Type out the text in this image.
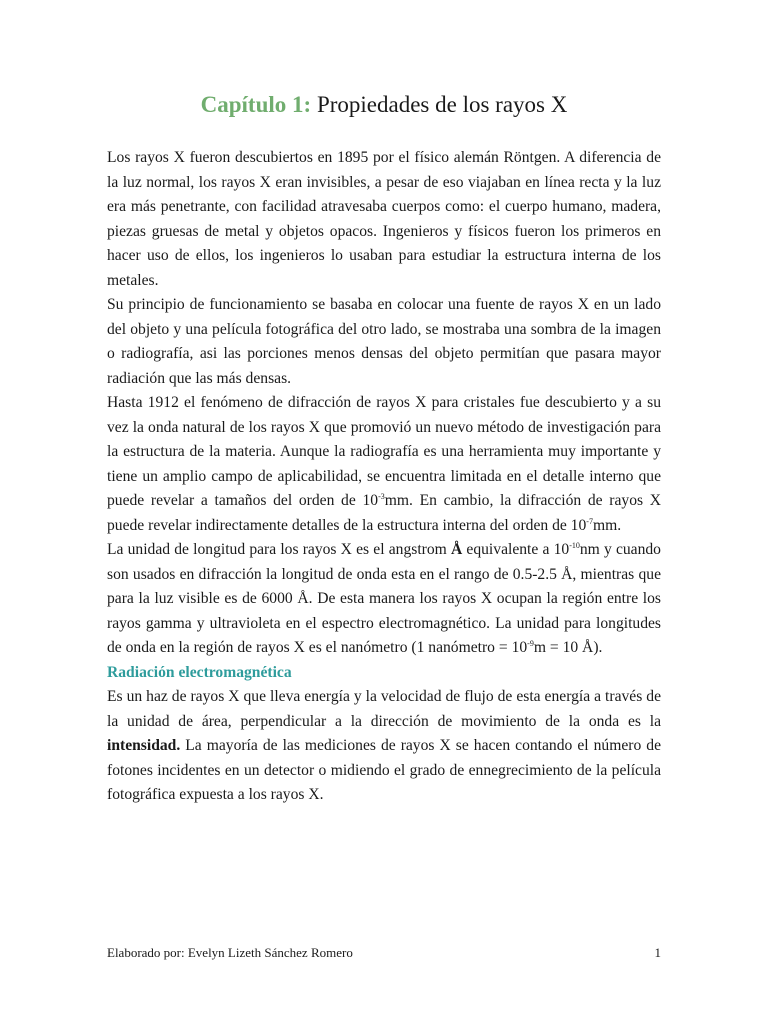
Capítulo 1: Propiedades de los rayos X

Los rayos X fueron descubiertos en 1895 por el físico alemán Röntgen. A diferencia de la luz normal, los rayos X eran invisibles, a pesar de eso viajaban en línea recta y la luz era más penetrante, con facilidad atravesaba cuerpos como: el cuerpo humano, madera, piezas gruesas de metal y objetos opacos. Ingenieros y físicos fueron los primeros en hacer uso de ellos, los ingenieros lo usaban para estudiar la estructura interna de los metales.

Su principio de funcionamiento se basaba en colocar una fuente de rayos X en un lado del objeto y una película fotográfica del otro lado, se mostraba una sombra de la imagen o radiografía, asi las porciones menos densas del objeto permitían que pasara mayor radiación que las más densas.

Hasta 1912 el fenómeno de difracción de rayos X para cristales fue descubierto y a su vez la onda natural de los rayos X que promovió un nuevo método de investigación para la estructura de la materia. Aunque la radiografía es una herramienta muy importante y tiene un amplio campo de aplicabilidad, se encuentra limitada en el detalle interno que puede revelar a tamaños del orden de $10^{-3}mm$. En cambio, la difracción de rayos X puede revelar indirectamente detalles de la estructura interna del orden de $10^{-7}mm$.

La unidad de longitud para los rayos X es el angstrom Å equivalente a $10^{-10}nm$ y cuando son usados en difracción la longitud de onda esta en el rango de 0.5-2.5 Å, mientras que para la luz visible es de 6000 Å. De esta manera los rayos X ocupan la región entre los rayos gamma y ultravioleta en el espectro electromagnético. La unidad para longitudes de onda en la región de rayos X es el nanómetro (1 nanómetro = $10^{-9}m = 10$ Å).

Radiación electromagnética

Es un haz de rayos X que lleva energía y la velocidad de flujo de esta energía a través de la unidad de área, perpendicular a la dirección de movimiento de la onda es la intensidad. La mayoría de las mediciones de rayos X se hacen contando el número de fotones incidentes en un detector o midiendo el grado de ennegrecimiento de la película fotográfica expuesta a los rayos X.

Elaborado por: Evelyn Lizeth Sánchez Romero	1
